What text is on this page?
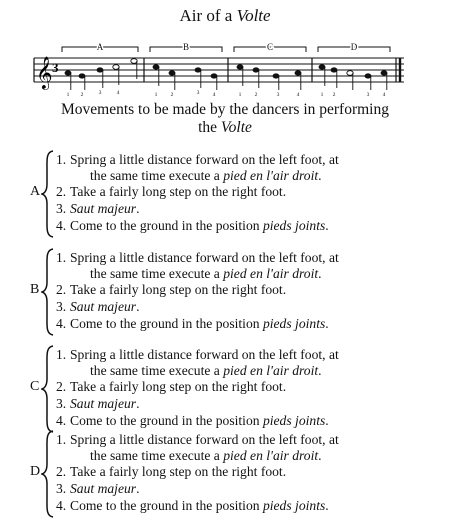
Air of a Volte
𝄞 3
A	B	C	D
1 2	3	4	1 2	3 4	1 2	3	4	1 2	3 4
Movements to be made by the dancers in performing
the Volte
A
1. Spring a little distance forward on the left foot, at
the same time execute a pied en l'air droit.
2. Take a fairly long step on the right foot.
3. Saut majeur.
4. Come to the ground in the position pieds joints.
B
1. Spring a little distance forward on the left foot, at
the same time execute a pied en l'air droit.
2. Take a fairly long step on the right foot.
3. Saut majeur.
4. Come to the ground in the position pieds joints.
C
1. Spring a little distance forward on the left foot, at
the same time execute a pied en l'air droit.
2. Take a fairly long step on the right foot.
3. Saut majeur.
4. Come to the ground in the position pieds joints.
D
1. Spring a little distance forward on the left foot, at
the same time execute a pied en l'air droit.
2. Take a fairly long step on the right foot.
3. Saut majeur.
4. Come to the ground in the position pieds joints.
